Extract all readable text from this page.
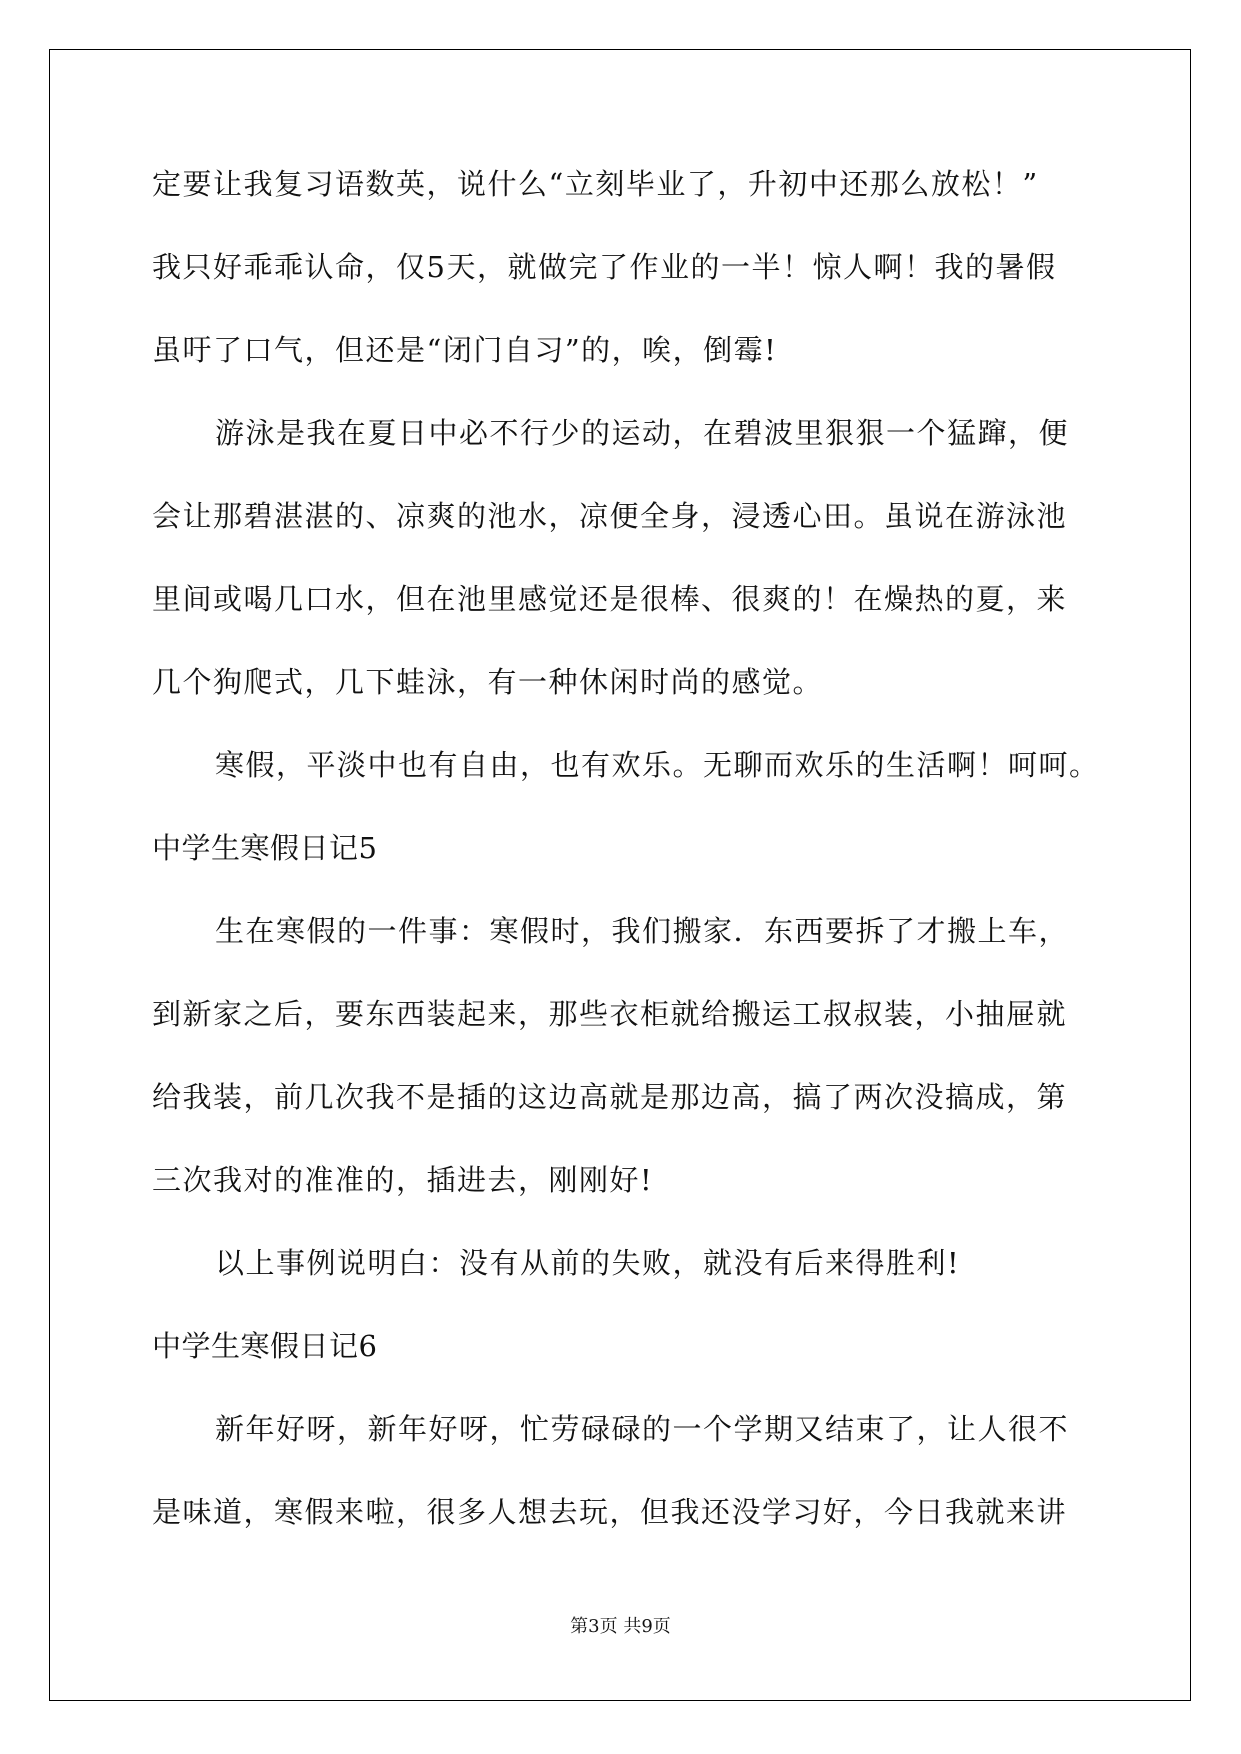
定要让我复习语数英，说什么“立刻毕业了，升初中还那么放松！”
我只好乖乖认命，仅5天，就做完了作业的一半！惊人啊！我的暑假
虽吁了口气，但还是“闭门自习”的，唉，倒霉!
游泳是我在夏日中必不行少的运动，在碧波里狠狠一个猛蹿，便
会让那碧湛湛的、凉爽的池水，凉便全身，浸透心田。虽说在游泳池
里间或喝几口水，但在池里感觉还是很棒、很爽的！在燥热的夏，来
几个狗爬式，几下蛙泳，有一种休闲时尚的感觉。
寒假，平淡中也有自由，也有欢乐。无聊而欢乐的生活啊！呵呵。
中学生寒假日记5
生在寒假的一件事：寒假时，我们搬家．东西要拆了才搬上车，
到新家之后，要东西装起来，那些衣柜就给搬运工叔叔装，小抽屉就
给我装，前几次我不是插的这边高就是那边高，搞了两次没搞成，第
三次我对的准准的，插进去，刚刚好!
以上事例说明白：没有从前的失败，就没有后来得胜利!
中学生寒假日记6
新年好呀，新年好呀，忙劳碌碌的一个学期又结束了，让人很不
是味道，寒假来啦，很多人想去玩，但我还没学习好，今日我就来讲
第3页 共9页
